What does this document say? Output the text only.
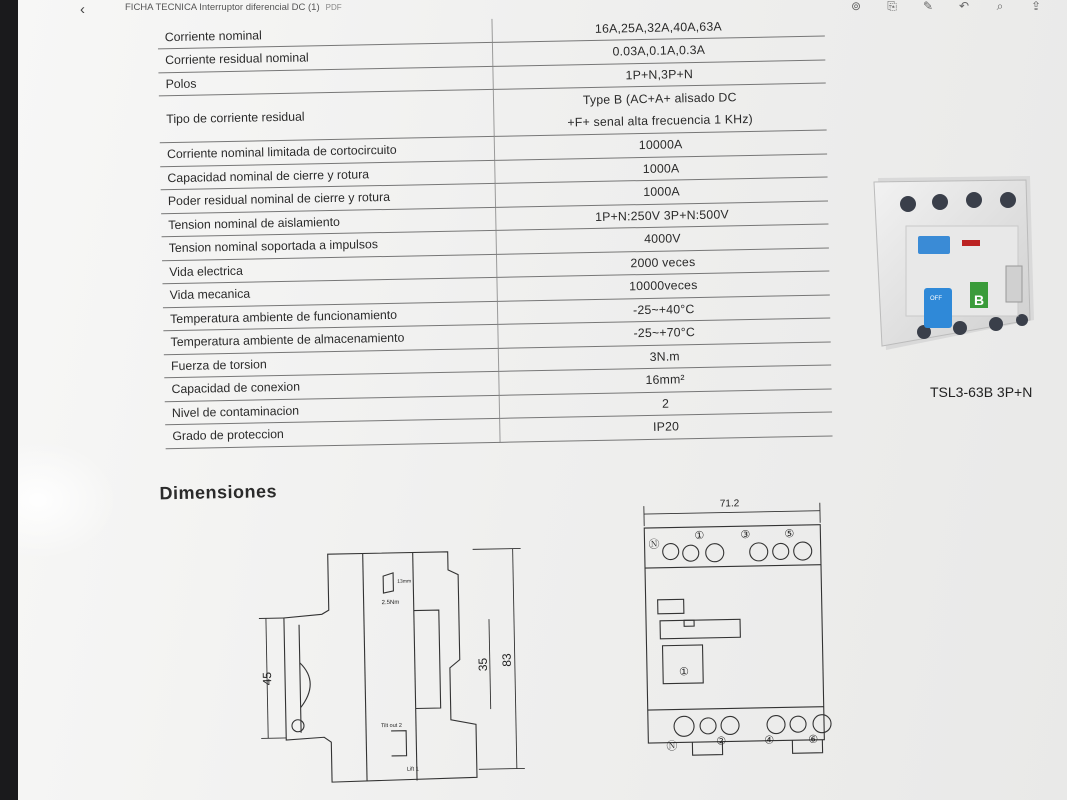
‹	FICHA TECNICA Interruptor diferencial DC (1) PDF	⊚ ⎘ ✎ ↶	⌕	⇪
Corriente nominal	16A,25A,32A,40A,63A
Corriente residual nominal	0.03A,0.1A,0.3A
Polos	1P+N,3P+N
Tipo de corriente residual	Type B (AC+A+ alisado DC
+F+ senal alta frecuencia 1 KHz)

Corriente nominal limitada de cortocircuito	10000A
Capacidad nominal de cierre y rotura	1000A
Poder residual nominal de cierre y rotura	1000A
Tension nominal de aislamiento	1P+N:250V 3P+N:500V
Tension nominal soportada a impulsos	4000V
Vida electrica	2000 veces
Vida mecanica	10000veces
Temperatura ambiente de funcionamiento	-25~+40°C
Temperatura ambiente de almacenamiento	-25~+70°C
Fuerza de torsion	3N.m
Capacidad de conexion	16mm²
Nivel de contaminacion	2
Grado de proteccion	IP20
Dimensiones
45
35 83
2.5Nm
13mm
Tilt out 2
Lift 1
71.2
Ⓝ
①	③	⑤
Ⓝ	②	④	⑥
①
OFF B
TSL3-63B 3P+N
